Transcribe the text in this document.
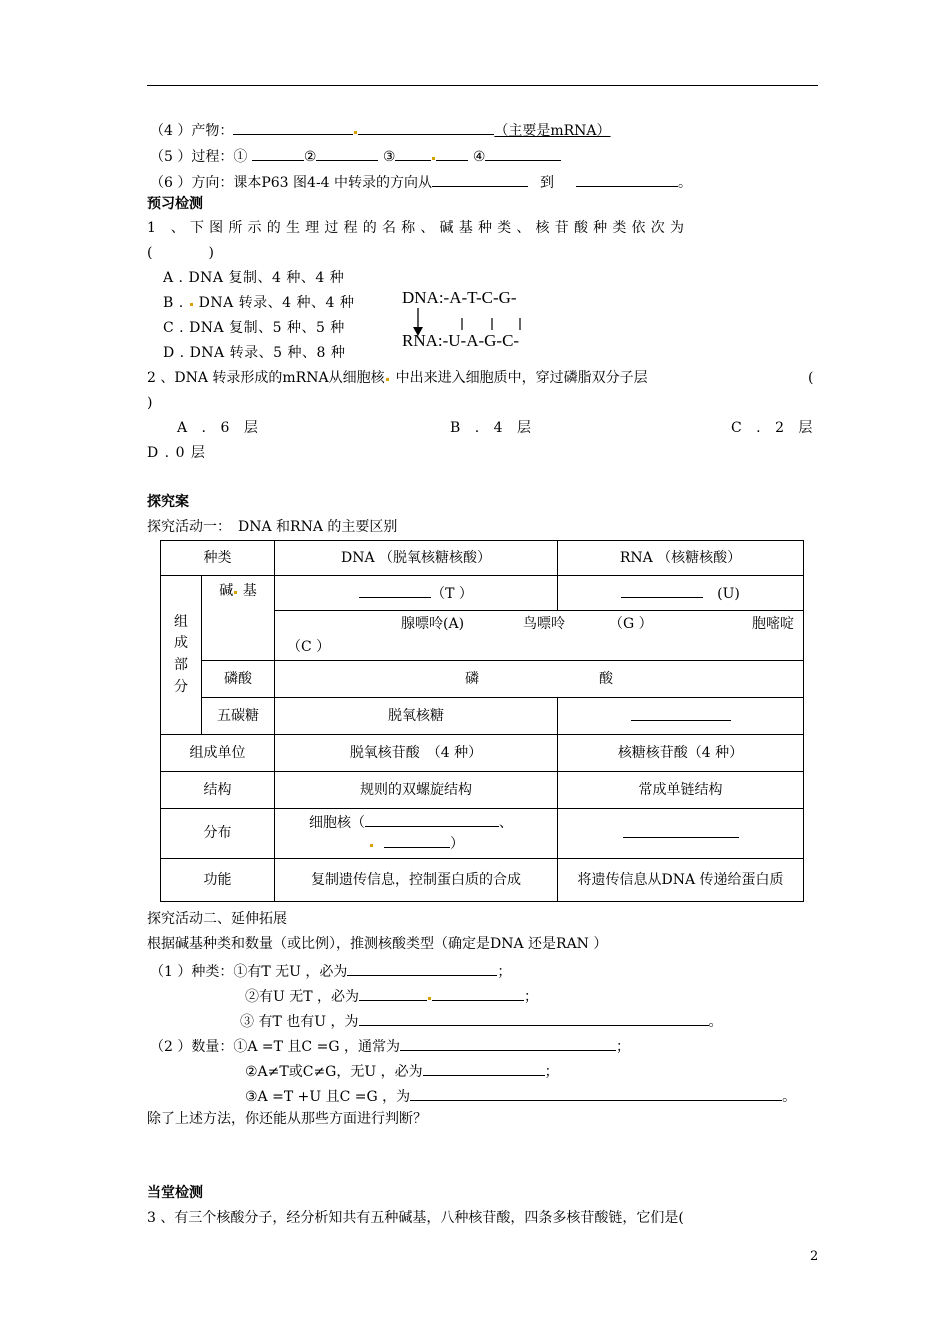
（4 ）产物：	（主要是mRNA）
（5 ）过程：①	②	③	④
（6 ）方向：课本P63 图4-4 中转录的方向从	到	。
预习检测
1 、下图所示的生理过程的名称、碱基种类、核苷酸种类依次为
(　　　　)
A . DNA 复制、4 种、4 种
B .  DNA 转录、4 种、4 种
C . DNA 复制、5 种、5 种
D . DNA 转录、5 种、8 种
DNA:-A-T-C-G-
RNA:-U-A-G-C-
2 、DNA 转录形成的mRNA从细胞核 中出来进入细胞质中，穿过磷脂双分子层	(
)
A . 6 层	B . 4 层	C . 2 层
D . 0 层
探究案
探究活动一：　DNA 和RNA 的主要区别
种类		DNA （脱氧核糖核酸）	RNA （核糖核酸）

组
成
部
分	碱 基	（T ）	　(U)

		腺嘌呤(A) 鸟嘌呤 （G ） 胞嘧啶
（C ）	

	磷酸	磷 酸	
	五碳糖	脱氧核糖	
组成单位		脱氧核苷酸　（4 种）	核糖核苷酸（4 种）
结构		规则的双螺旋结构	常成单链结构
分布		细胞核（ 、
）	

功能		复制遗传信息，控制蛋白质的合成	将遗传信息从DNA 传递给蛋白质
探究活动二、延伸拓展
根据碱基种类和数量（或比例），推测核酸类型（确定是DNA 还是RAN ）
（1 ）种类：①有T 无U ，必为	；
②有U 无T ，必为	；
③ 有T 也有U ，为	。
（2 ）数量：①A =T 且C =G ，通常为	；
②A≠T或C≠G，无U ，必为	；
③A =T +U 且C =G ，为	。
除了上述方法，你还能从那些方面进行判断？
当堂检测
3 、有三个核酸分子，经分析知共有五种碱基，八种核苷酸，四条多核苷酸链，它们是(
2
